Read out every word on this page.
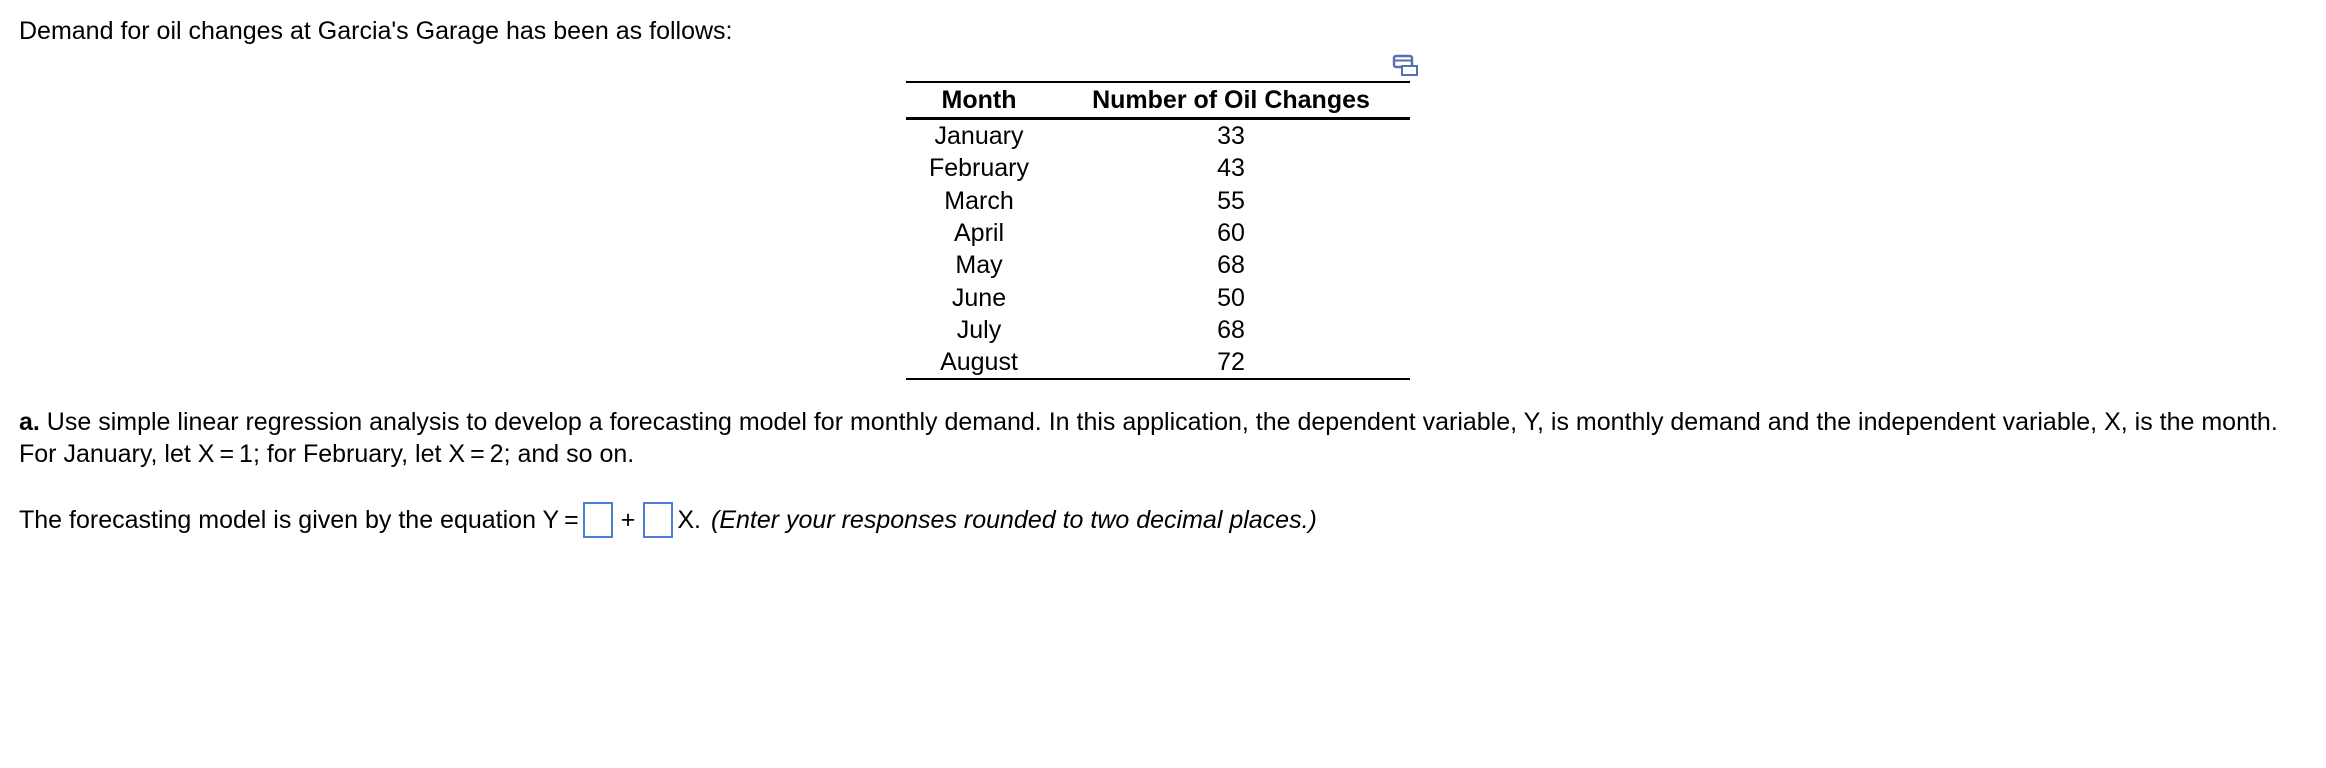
Demand for oil changes at Garcia's Garage has been as follows:

Month	Number of Oil Changes
January	33
February	43
March	55
April	60
May	68
June	50
July	68
August	72

a. Use simple linear regression analysis to develop a forecasting model for monthly demand. In this application, the dependent variable, Y, is monthly demand and the independent variable, X, is the month. For January, let X = 1; for February, let X = 2; and so on.

The forecasting model is given by the equation Y = + X. (Enter your responses rounded to two decimal places.)
